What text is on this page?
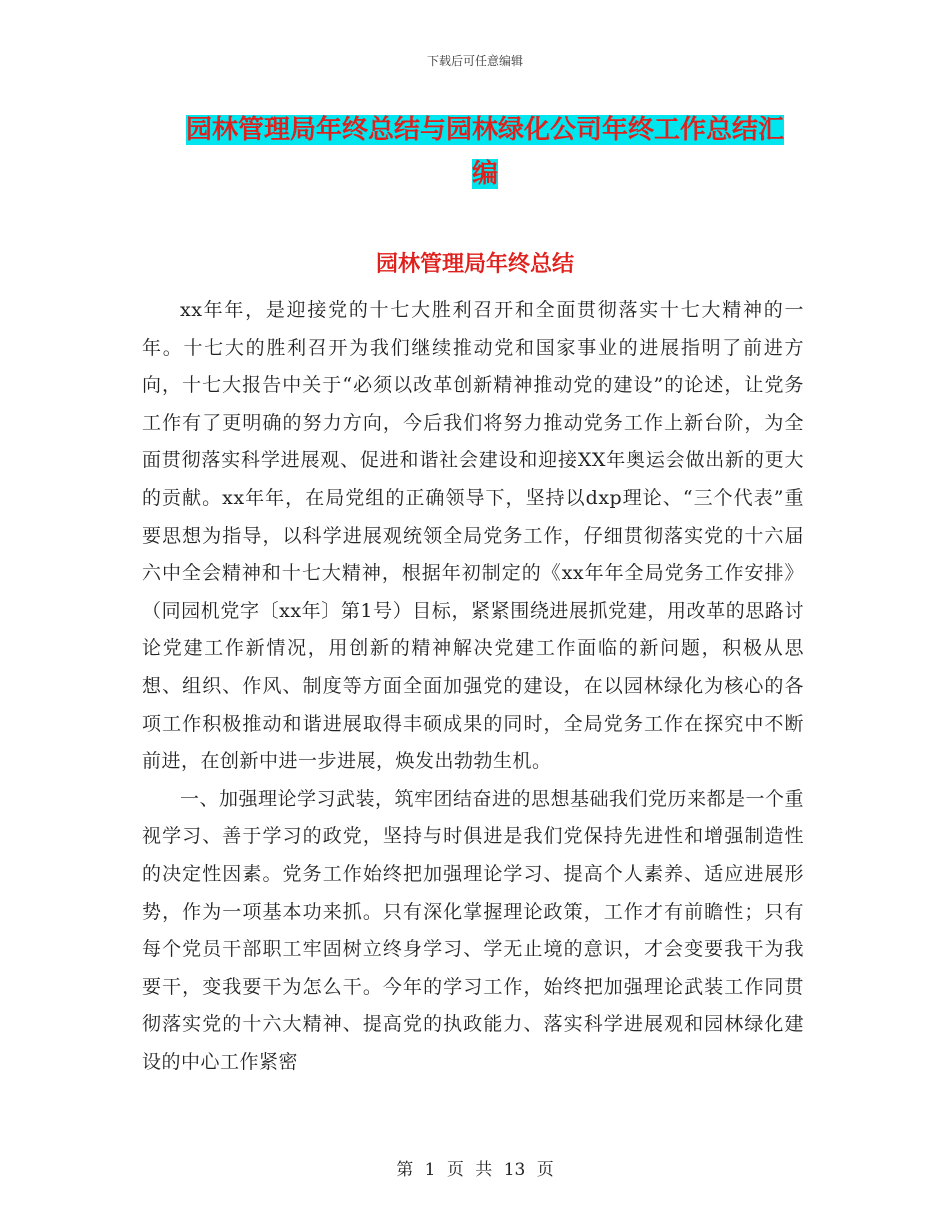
下载后可任意编辑
园林管理局年终总结与园林绿化公司年终工作总结汇
编
园林管理局年终总结

xx年年，是迎接党的十七大胜利召开和全面贯彻落实十七大精神的一年。十七大的胜利召开为我们继续推动党和国家事业的进展指明了前进方向，十七大报告中关于“必须以改革创新精神推动党的建设”的论述，让党务工作有了更明确的努力方向，今后我们将努力推动党务工作上新台阶，为全面贯彻落实科学进展观、促进和谐社会建设和迎接XX年奥运会做出新的更大的贡献。xx年年，在局党组的正确领导下，坚持以dxp理论、“三个代表”重要思想为指导，以科学进展观统领全局党务工作，仔细贯彻落实党的十六届六中全会精神和十七大精神，根据年初制定的《xx年年全局党务工作安排》（同园机党字〔xx年〕第1号）目标，紧紧围绕进展抓党建，用改革的思路讨论党建工作新情况，用创新的精神解决党建工作面临的新问题，积极从思想、组织、作风、制度等方面全面加强党的建设，在以园林绿化为核心的各项工作积极推动和谐进展取得丰硕成果的同时，全局党务工作在探究中不断前进，在创新中进一步进展，焕发出勃勃生机。

一、加强理论学习武装，筑牢团结奋进的思想基础我们党历来都是一个重视学习、善于学习的政党，坚持与时俱进是我们党保持先进性和增强制造性的决定性因素。党务工作始终把加强理论学习、提高个人素养、适应进展形势，作为一项基本功来抓。只有深化掌握理论政策，工作才有前瞻性；只有每个党员干部职工牢固树立终身学习、学无止境的意识，才会变要我干为我要干，变我要干为怎么干。今年的学习工作，始终把加强理论武装工作同贯彻落实党的十六大精神、提高党的执政能力、落实科学进展观和园林绿化建设的中心工作紧密

第 1 页 共 13 页
